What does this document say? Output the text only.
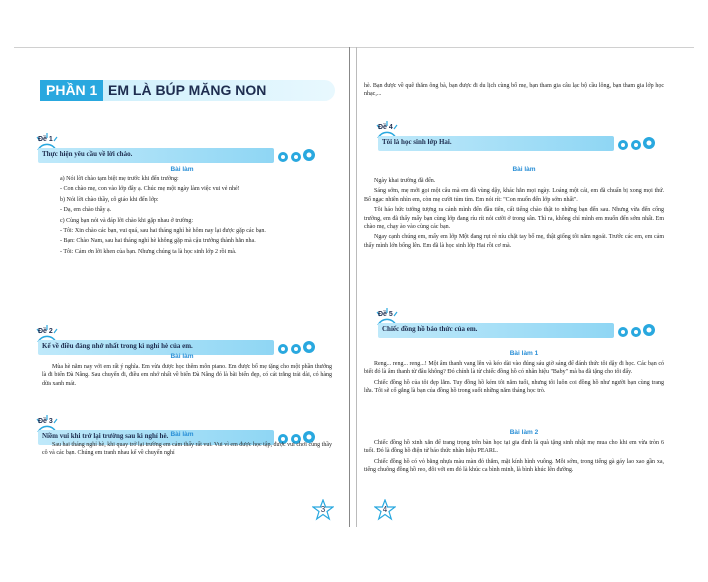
PHẦN 1 EM LÀ BÚP MĂNG NON
Đề 1
Thực hiện yêu cầu về lời chào.
Bài làm

a) Nói lời chào tạm biệt mẹ trước khi đến trường:

- Con chào mẹ, con vào lớp đây ạ. Chúc mẹ một ngày làm việc vui vẻ nhé!

b) Nói lời chào thầy, cô giáo khi đến lớp:

- Dạ, em chào thầy ạ.

c) Cùng bạn nói và đáp lời chào khi gặp nhau ở trường:

- Tôi: Xin chào các bạn, vui quá, sau hai tháng nghỉ hè hôm nay lại được gặp các bạn.

- Bạn: Chào Nam, sau hai tháng nghỉ hè không gặp mà cậu trưởng thành hẳn nha.

- Tôi: Cảm ơn lời khen của bạn. Nhưng chúng ta là học sinh lớp 2 rồi mà.

Đề 2
Kể về điều đáng nhớ nhất trong kì nghỉ hè của em.
Bài làm
Mùa hè năm nay với em rất ý nghĩa. Em vừa được học thêm môn piano. Em được bố mẹ tặng cho một phần thưởng là đi biển Đà Nẵng. Sau chuyến đi, điều em nhớ nhất về biển Đà Nẵng đó là bãi biển đẹp, có cát trắng trải dài, có hàng dừa xanh mát.
Đề 3
Niềm vui khi trở lại trường sau kì nghỉ hè. Bài làm
Sau hai tháng nghỉ hè, khi quay trở lại trường em cảm thấy rất vui. Vui vì em được học tập, được vui chơi cùng thầy cô và các bạn. Chúng em tranh nhau kể về chuyến nghỉ
3
hè. Bạn được về quê thăm ông bà, bạn được đi du lịch cùng bố mẹ, bạn tham gia câu lạc bộ cầu lông, bạn tham gia lớp học nhạc,...
Đề 4
Tôi là học sinh lớp Hai.
Bài làm

Ngày khai trường đã đến.

Sáng sớm, mẹ mới gọi một câu mà em đã vùng dậy, khác hẳn mọi ngày. Loáng một cái, em đã chuẩn bị xong mọi thứ. Bố ngạc nhiên nhìn em, còn mẹ cười tủm tỉm. Em nói rít: "Con muốn đến lớp sớm nhất".

Tôi háo hức tưởng tượng ra cảnh mình đến đầu tiên, cất tiếng chào thật to những bạn đến sau. Nhưng vừa đến cổng trường, em đã thấy mấy bạn cùng lớp đang ríu rít nói cười ở trong sân. Thì ra, không chỉ mình em muốn đến sớm nhất. Em chào mẹ, chạy ào vào cùng các bạn.

Ngay cạnh chúng em, mấy em lớp Một đang rụt rè níu chặt tay bố mẹ, thật giống tôi năm ngoái. Trước các em, em cảm thấy mình lớn bổng lên. Em đã là học sinh lớp Hai rồi cơ mà.

Đề 5
Chiếc đồng hồ báo thức của em.
Bài làm 1

Reng... reng... reng...! Một âm thanh vang lên và kéo dài vào đúng sáu giờ sáng để đánh thức tôi dậy đi học. Các bạn có biết đó là âm thanh từ đâu không? Đó chính là từ chiếc đồng hồ có nhân hiệu "Baby" mà ba đã tặng cho tôi đấy.

Chiếc đồng hồ của tôi đẹp lắm. Tuy đồng hồ kém tôi năm tuổi, nhưng tôi luôn coi đồng hồ như người bạn cùng trang lứa. Tôi sẽ cố gắng là bạn của đồng hồ trong suốt những năm tháng học trò.

Bài làm 2

Chiếc đồng hồ xinh xắn để trang trọng trên bàn học tại gia đình là quà tặng sinh nhật mẹ mua cho khi em vừa tròn 6 tuổi. Đó là đồng hồ điện tử báo thức nhãn hiệu PEARL.

Chiếc đồng hồ có vỏ bằng nhựa màu màn đỏ thắm, mặt kính hình vuông. Mỗi sớm, trong tiếng gà gáy lao xao gần xa, tiếng chuông đồng hồ reo, đôi với em đó là khúc ca bình minh, là bình khúc lên đường.

4
